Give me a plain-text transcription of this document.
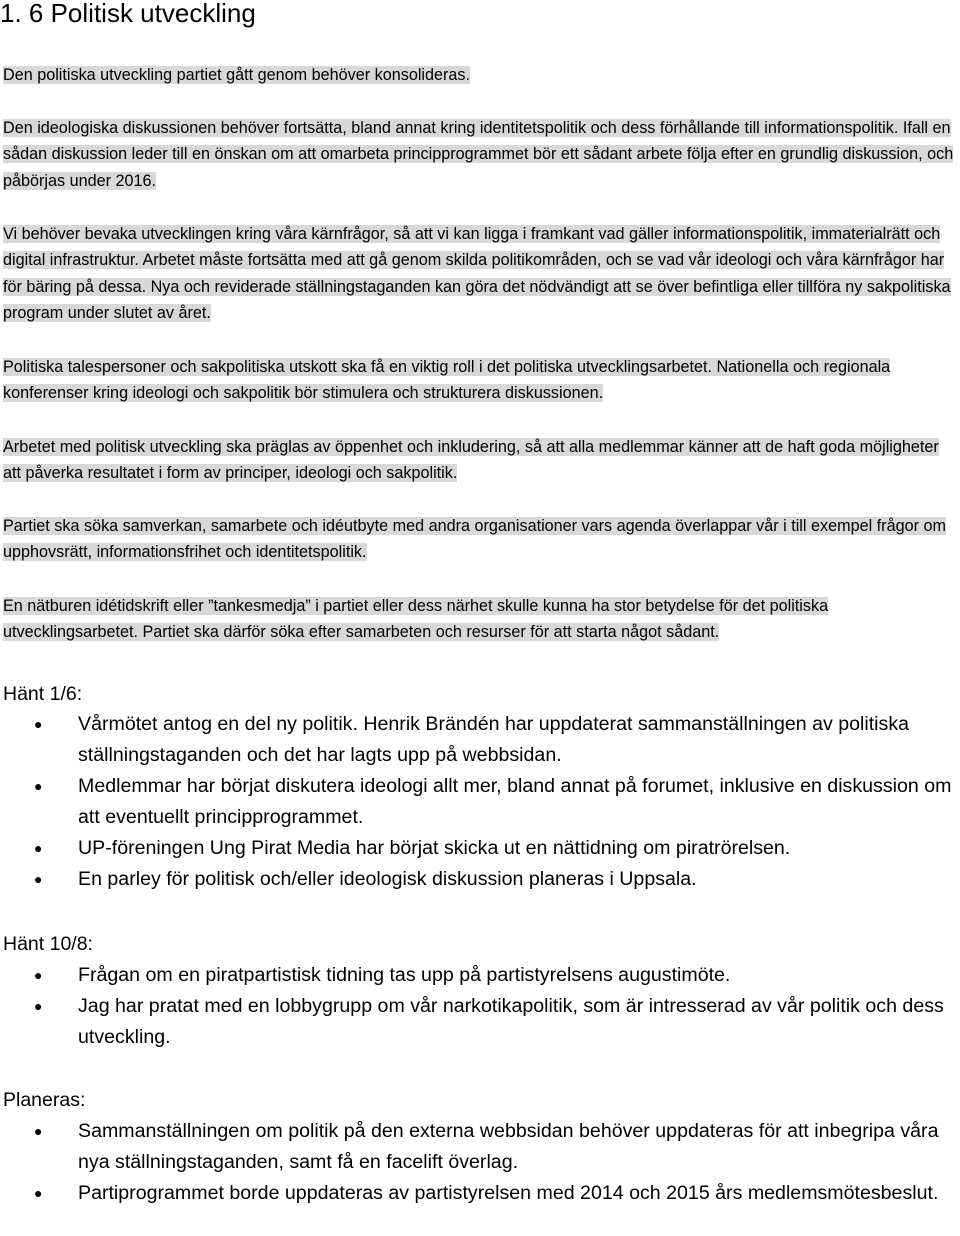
1. 6 Politisk utveckling

Den politiska utveckling partiet gått genom behöver konsolideras.

Den ideologiska diskussionen behöver fortsätta, bland annat kring identitetspolitik och dess förhållande till informationspolitik. Ifall en sådan diskussion leder till en önskan om att omarbeta principprogrammet bör ett sådant arbete följa efter en grundlig diskussion, och påbörjas under 2016.

Vi behöver bevaka utvecklingen kring våra kärnfrågor, så att vi kan ligga i framkant vad gäller informationspolitik, immaterialrätt och digital infrastruktur. Arbetet måste fortsätta med att gå genom skilda politikområden, och se vad vår ideologi och våra kärnfrågor har för bäring på dessa. Nya och reviderade ställningstaganden kan göra det nödvändigt att se över befintliga eller tillföra ny sakpolitiska program under slutet av året.

Politiska talespersoner och sakpolitiska utskott ska få en viktig roll i det politiska utvecklingsarbetet. Nationella och regionala konferenser kring ideologi och sakpolitik bör stimulera och strukturera diskussionen.

Arbetet med politisk utveckling ska präglas av öppenhet och inkludering, så att alla medlemmar känner att de haft goda möjligheter att påverka resultatet i form av principer, ideologi och sakpolitik.

Partiet ska söka samverkan, samarbete och idéutbyte med andra organisationer vars agenda överlappar vår i till exempel frågor om upphovsrätt, informationsfrihet och identitetspolitik.

En nätburen idétidskrift eller ”tankesmedja” i partiet eller dess närhet skulle kunna ha stor betydelse för det politiska utvecklingsarbetet. Partiet ska därför söka efter samarbeten och resurser för att starta något sådant.

Hänt 1/6:
● Vårmötet antog en del ny politik. Henrik Brändén har uppdaterat sammanställningen av politiska ställningstaganden och det har lagts upp på webbsidan.
● Medlemmar har börjat diskutera ideologi allt mer, bland annat på forumet, inklusive en diskussion om att eventuellt principprogrammet.
● UP-föreningen Ung Pirat Media har börjat skicka ut en nättidning om piratrörelsen.
● En parley för politisk och/eller ideologisk diskussion planeras i Uppsala.
Hänt 10/8:
● Frågan om en piratpartistisk tidning tas upp på partistyrelsens augustimöte.
● Jag har pratat med en lobbygrupp om vår narkotikapolitik, som är intresserad av vår politik och dess utveckling.
Planeras:
● Sammanställningen om politik på den externa webbsidan behöver uppdateras för att inbegripa våra nya ställningstaganden, samt få en facelift överlag.
● Partiprogrammet borde uppdateras av partistyrelsen med 2014 och 2015 års medlemsmötesbeslut.
